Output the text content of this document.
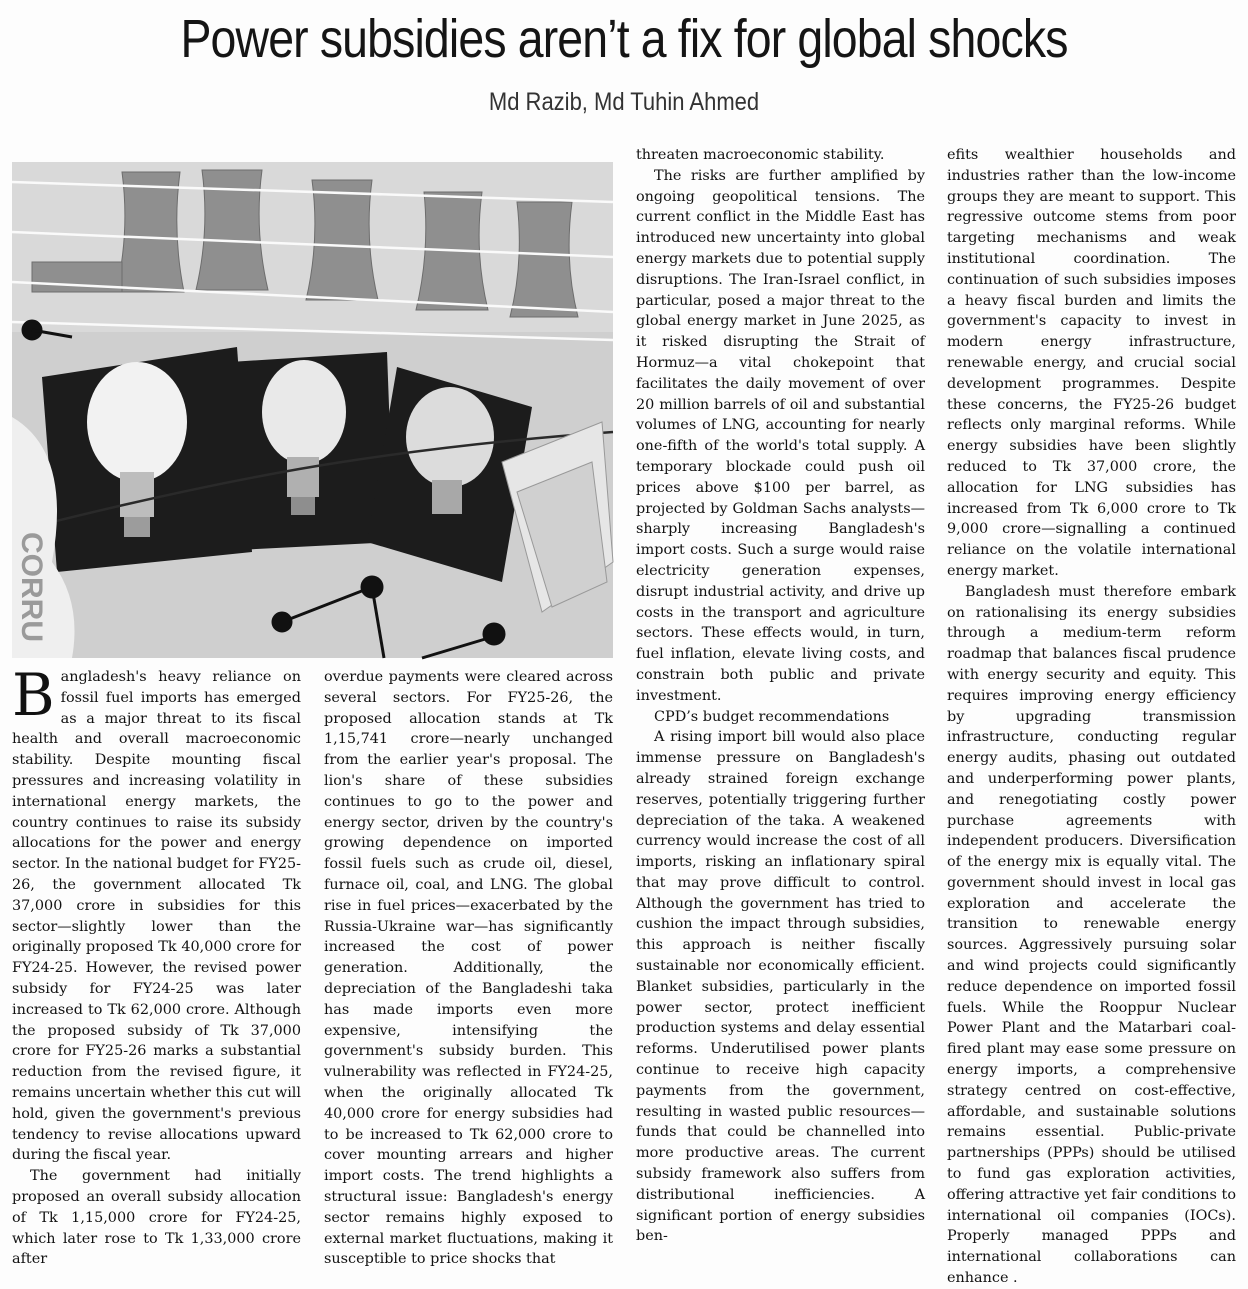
Power subsidies aren’t a fix for global shocks
Md Razib, Md Tuhin Ahmed
CORRU

Bangladesh's heavy reliance on fossil fuel imports has emerged as a major threat to its fiscal health and overall macroeconomic stability. Despite mounting fiscal pressures and increasing volatility in international energy markets, the country continues to raise its subsidy allocations for the power and energy sector. In the national budget for FY25-26, the government allocated Tk 37,000 crore in subsidies for this sector—slightly lower than the originally proposed Tk 40,000 crore for FY24-25. However, the revised power subsidy for FY24-25 was later increased to Tk 62,000 crore. Although the proposed subsidy of Tk 37,000 crore for FY25-26 marks a substantial reduction from the revised figure, it remains uncertain whether this cut will hold, given the government's previous tendency to revise allocations upward during the fiscal year.

The government had initially proposed an overall subsidy allocation of Tk 1,15,000 crore for FY24-25, which later rose to Tk 1,33,000 crore after

overdue payments were cleared across several sectors. For FY25-26, the proposed allocation stands at Tk 1,15,741 crore—nearly unchanged from the earlier year's proposal. The lion's share of these subsidies continues to go to the power and energy sector, driven by the country's growing dependence on imported fossil fuels such as crude oil, diesel, furnace oil, coal, and LNG. The global rise in fuel prices—exacerbated by the Russia-Ukraine war—has significantly increased the cost of power generation. Additionally, the depreciation of the Bangladeshi taka has made imports even more expensive, intensifying the government's subsidy burden. This vulnerability was reflected in FY24-25, when the originally allocated Tk 40,000 crore for energy subsidies had to be increased to Tk 62,000 crore to cover mounting arrears and higher import costs. The trend highlights a structural issue: Bangladesh's energy sector remains highly exposed to external market fluctuations, making it susceptible to price shocks that

threaten macroeconomic stability.

The risks are further amplified by ongoing geopolitical tensions. The current conflict in the Middle East has introduced new uncertainty into global energy markets due to potential supply disruptions. The Iran-Israel conflict, in particular, posed a major threat to the global energy market in June 2025, as it risked disrupting the Strait of Hormuz—a vital chokepoint that facilitates the daily movement of over 20 million barrels of oil and substantial volumes of LNG, accounting for nearly one-fifth of the world's total supply. A temporary blockade could push oil prices above $100 per barrel, as projected by Goldman Sachs analysts—sharply increasing Bangladesh's import costs. Such a surge would raise electricity generation expenses, disrupt industrial activity, and drive up costs in the transport and agriculture sectors. These effects would, in turn, fuel inflation, elevate living costs, and constrain both public and private investment.

CPD’s budget recommendations

A rising import bill would also place immense pressure on Bangladesh's already strained foreign exchange reserves, potentially triggering further depreciation of the taka. A weakened currency would increase the cost of all imports, risking an inflationary spiral that may prove difficult to control. Although the government has tried to cushion the impact through subsidies, this approach is neither fiscally sustainable nor economically efficient. Blanket subsidies, particularly in the power sector, protect inefficient production systems and delay essential reforms. Underutilised power plants continue to receive high capacity payments from the government, resulting in wasted public resources—funds that could be channelled into more productive areas. The current subsidy framework also suffers from distributional inefficiencies. A significant portion of energy subsidies ben-

efits wealthier households and industries rather than the low-income groups they are meant to support. This regressive outcome stems from poor targeting mechanisms and weak institutional coordination. The continuation of such subsidies imposes a heavy fiscal burden and limits the government's capacity to invest in modern energy infrastructure, renewable energy, and crucial social development programmes. Despite these concerns, the FY25-26 budget reflects only marginal reforms. While energy subsidies have been slightly reduced to Tk 37,000 crore, the allocation for LNG subsidies has increased from Tk 6,000 crore to Tk 9,000 crore—signalling a continued reliance on the volatile international energy market.

Bangladesh must therefore embark on rationalising its energy subsidies through a medium-term reform roadmap that balances fiscal prudence with energy security and equity. This requires improving energy efficiency by upgrading transmission infrastructure, conducting regular energy audits, phasing out outdated and underperforming power plants, and renegotiating costly power purchase agreements with independent producers. Diversification of the energy mix is equally vital. The government should invest in local gas exploration and accelerate the transition to renewable energy sources. Aggressively pursuing solar and wind projects could significantly reduce dependence on imported fossil fuels. While the Rooppur Nuclear Power Plant and the Matarbari coal-fired plant may ease some pressure on energy imports, a comprehensive strategy centred on cost-effective, affordable, and sustainable solutions remains essential. Public-private partnerships (PPPs) should be utilised to fund gas exploration activities, offering attractive yet fair conditions to international oil companies (IOCs). Properly managed PPPs and international collaborations can enhance .
